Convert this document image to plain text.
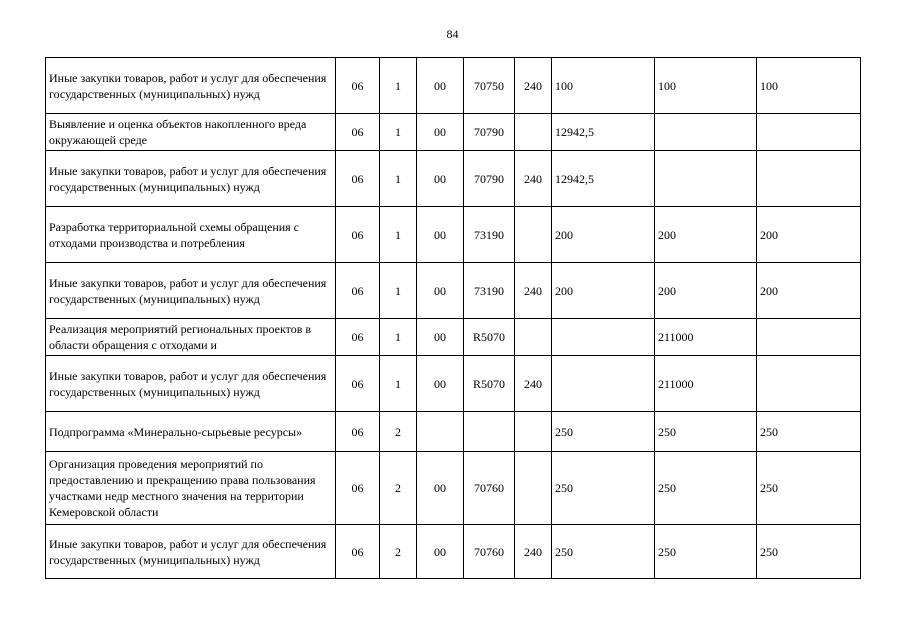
84
Иные закупки товаров, работ и услуг для обеспечения государственных (муниципальных) нужд	06	1	00	70750	240	100	100	100
Выявление и оценка объектов накопленного вреда окружающей среде	06	1	00	70790		12942,5		
Иные закупки товаров, работ и услуг для обеспечения государственных (муниципальных) нужд	06	1	00	70790	240	12942,5		
Разработка территориальной схемы обращения с отходами производства и потребления	06	1	00	73190		200	200	200
Иные закупки товаров, работ и услуг для обеспечения государственных (муниципальных) нужд	06	1	00	73190	240	200	200	200
Реализация мероприятий региональных проектов в области обращения с отходами и	06	1	00	R5070			211000	
Иные закупки товаров, работ и услуг для обеспечения государственных (муниципальных) нужд	06	1	00	R5070	240		211000	
Подпрограмма «Минерально-сырьевые ресурсы»	06	2				250	250	250
Организация проведения мероприятий по предоставлению и прекращению права пользования участками недр местного значения на территории Кемеровской области	06	2	00	70760		250	250	250
Иные закупки товаров, работ и услуг для обеспечения государственных (муниципальных) нужд	06	2	00	70760	240	250	250	250
